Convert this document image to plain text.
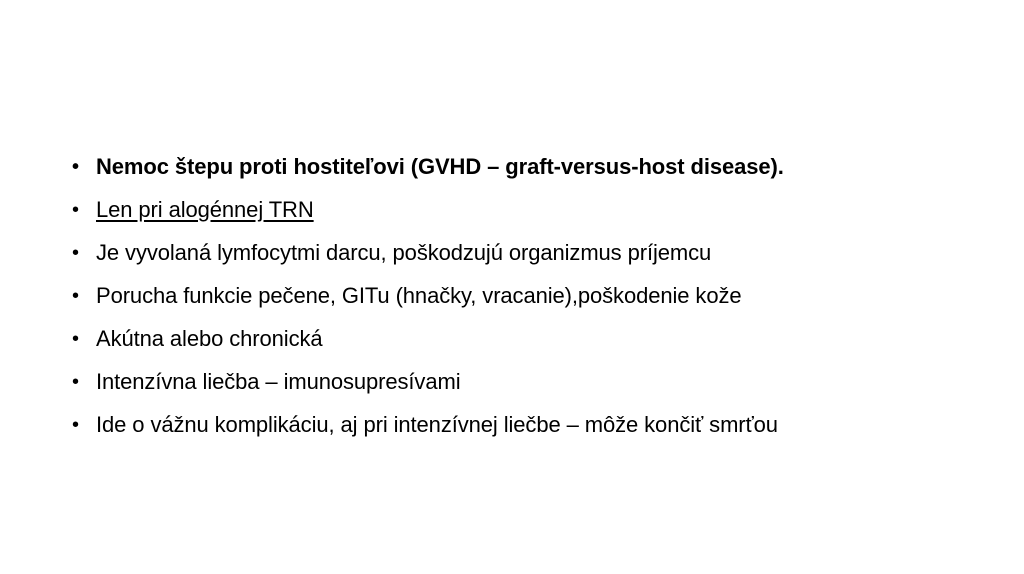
• Nemoc štepu proti hostiteľovi (GVHD – graft-versus-host disease).
• Len pri alogénnej TRN
• Je vyvolaná lymfocytmi darcu, poškodzujú organizmus príjemcu
• Porucha funkcie pečene, GITu (hnačky, vracanie),poškodenie kože
• Akútna alebo chronická
• Intenzívna liečba – imunosupresívami
• Ide o vážnu komplikáciu, aj pri intenzívnej liečbe – môže končiť smrťou
